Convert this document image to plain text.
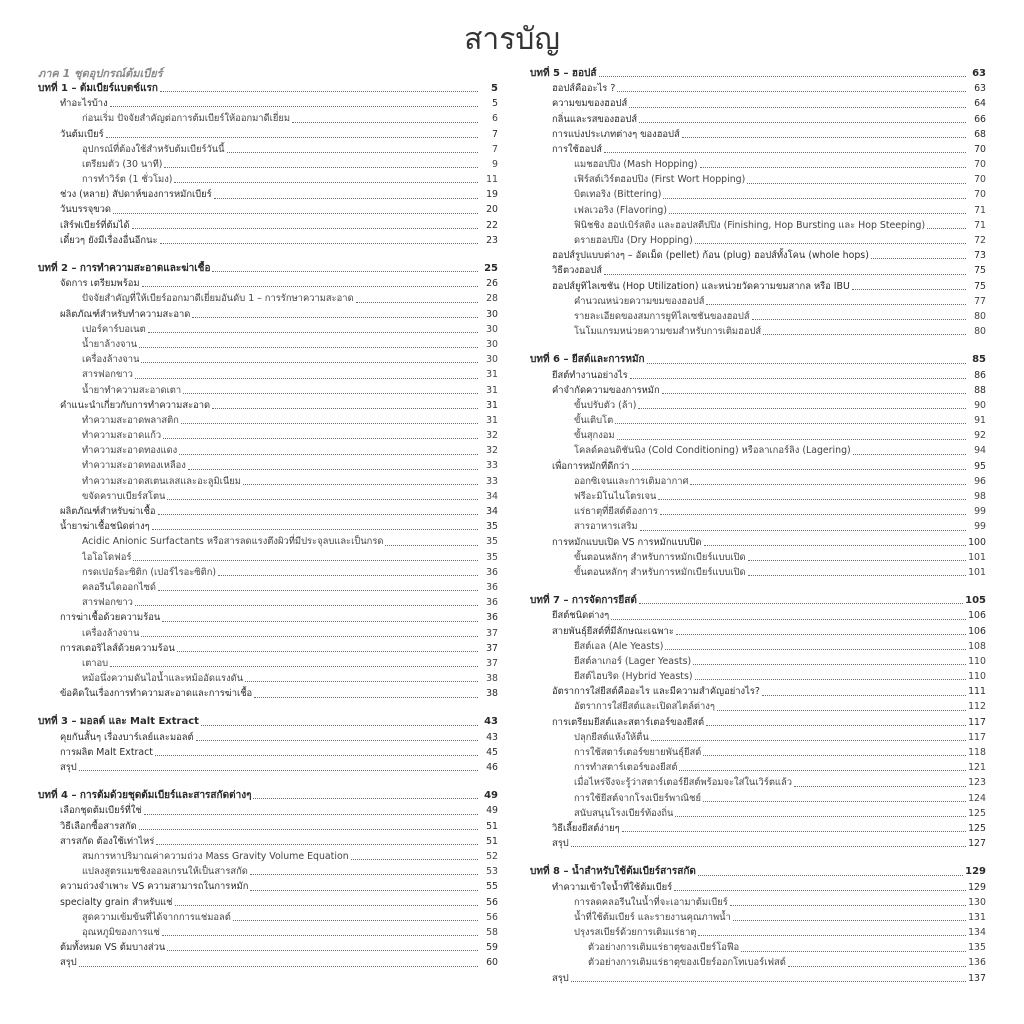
สารบัญ
ภาค 1 ชุดอุปกรณ์ต้มเบียร์
บทที่ 1 – ต้มเบียร์แบตช์แรก	5
ทำอะไรบ้าง	5
ก่อนเริ่ม ปัจจัยสำคัญต่อการต้มเบียร์ให้ออกมาดีเยี่ยม	6
วันต้มเบียร์	7
อุปกรณ์ที่ต้องใช้สำหรับต้มเบียร์วันนี้	7
เตรียมตัว (30 นาที)	9
การทำวิร์ต (1 ชั่วโมง)	11
ช่วง (หลาย) สัปดาห์ของการหมักเบียร์	19
วันบรรจุขวด	20
เสิร์ฟเบียร์ที่ต้มได้	22
เดี๋ยวๆ ยังมีเรื่องอื่นอีกนะ	23
บทที่ 2 – การทำความสะอาดและฆ่าเชื้อ	25
จัดการ เตรียมพร้อม	26
ปัจจัยสำคัญที่ให้เบียร์ออกมาดีเยี่ยมอันดับ 1 – การรักษาความสะอาด	28
ผลิตภัณฑ์สำหรับทำความสะอาด	30
เปอร์คาร์บอเนต	30
น้ำยาล้างจาน	30
เครื่องล้างจาน	30
สารฟอกขาว	31
น้ำยาทำความสะอาดเตา	31
คำแนะนำเกี่ยวกับการทำความสะอาด	31
ทำความสะอาดพลาสติก	31
ทำความสะอาดแก้ว	32
ทำความสะอาดทองแดง	32
ทำความสะอาดทองเหลือง	33
ทำความสะอาดสเตนเลสและอะลูมิเนียม	33
ขจัดคราบเบียร์สโตน	34
ผลิตภัณฑ์สำหรับฆ่าเชื้อ	34
น้ำยาฆ่าเชื้อชนิดต่างๆ	35
Acidic Anionic Surfactants หรือสารลดแรงตึงผิวที่มีประจุลบและเป็นกรด	35
ไอโอโดฟอร์	35
กรดเปอร์อะซิติก (เปอร์ไรอะซิติก)	36
คลอรีนไดออกไซด์	36
สารฟอกขาว	36
การฆ่าเชื้อด้วยความร้อน	36
เครื่องล้างจาน	37
การสเตอริไลส์ด้วยความร้อน	37
เตาอบ	37
หม้อนึ่งความดันไอน้ำและหม้ออัดแรงดัน	38
ข้อคิดในเรื่องการทำความสะอาดและการฆ่าเชื้อ	38
บทที่ 3 – มอลต์ และ Malt Extract	43
คุยกันสั้นๆ เรื่องบาร์เลย์และมอลต์	43
การผลิต Malt Extract	45
สรุป	46
บทที่ 4 – การต้มด้วยชุดต้มเบียร์และสารสกัดต่างๆ	49
เลือกชุดต้มเบียร์ที่ใช่	49
วิธีเลือกซื้อสารสกัด	51
สารสกัด ต้องใช้เท่าไหร่	51
สมการหาปริมาณค่าความถ่วง Mass Gravity Volume Equation	52
แปลงสูตรแมชชิงออลเกรนให้เป็นสารสกัด	53
ความถ่วงจำเพาะ VS ความสามารถในการหมัก	55
specialty grain สำหรับแช่	56
สูดความเข้มข้นที่ได้จากการแช่มอลต์	56
อุณหภูมิของการแช่	58
ต้มทั้งหมด VS ต้มบางส่วน	59
สรุป	60
บทที่ 5 – ฮอปส์	63
ฮอปส์คืออะไร ?	63
ความขมของฮอปส์	64
กลิ่นและรสของฮอปส์	66
การแบ่งประเภทต่างๆ ของฮอปส์	68
การใช้ฮอปส์	70
แมชฮอปปิง (Mash Hopping)	70
เฟิร์สต์เวิร์ตฮอปปิง (First Wort Hopping)	70
บิตเทอริง (Bittering)	70
เฟลเวอริง (Flavoring)	71
ฟินิชชิง ฮอปเบิร์สติง และฮอปสตีปปิง (Finishing, Hop Bursting และ Hop Steeping)	71
ดรายฮอปปิง (Dry Hopping)	72
ฮอปส์รูปแบบต่างๆ – อัดเม็ด (pellet) ก้อน (plug) ฮอปส์ทั้งโคน (whole hops)	73
วิธีตวงฮอปส์	75
ฮอปส์ยูทิไลเซชัน (Hop Utilization) และหน่วยวัดความขมสากล หรือ IBU	75
คำนวณหน่วยความขมของฮอปส์	77
รายละเอียดของสมการยูทิไลเซชันของฮอปส์	80
โนโมแกรมหน่วยความขมสำหรับการเติมฮอปส์	80
บทที่ 6 – ยีสต์และการหมัก	85
ยีสต์ทำงานอย่างไร	86
คำจำกัดความของการหมัก	88
ขั้นปรับตัว (ล้า)	90
ขั้นเติบโต	91
ขั้นสุกงอม	92
โคลด์คอนดิชันนิง (Cold Conditioning) หรือลาเกอร์ลิง (Lagering)	94
เพื่อการหมักที่ดีกว่า	95
ออกซิเจนและการเติมอากาศ	96
ฟรีอะมิโนไนโตรเจน	98
แร่ธาตุที่ยีสต์ต้องการ	99
สารอาหารเสริม	99
การหมักแบบเปิด VS การหมักแบบปิด	100
ขั้นตอนหลักๆ สำหรับการหมักเบียร์แบบเปิด	101
ขั้นตอนหลักๆ สำหรับการหมักเบียร์แบบเปิด	101
บทที่ 7 – การจัดการยีสต์	105
ยีสต์ชนิดต่างๆ	106
สายพันธุ์ยีสต์ที่มีลักษณะเฉพาะ	106
ยีสต์เอล (Ale Yeasts)	108
ยีสต์ลาเกอร์ (Lager Yeasts)	110
ยีสต์ไฮบริด (Hybrid Yeasts)	110
อัตราการใส่ยีสต์คืออะไร และมีความสำคัญอย่างไร?	111
อัตราการใส่ยีสต์และเปิดสไตล์ต่างๆ	112
การเตรียมยีสต์และสตาร์เตอร์ของยีสต์	117
ปลุกยีสต์แห้งให้ตื่น	117
การใช้สตาร์เตอร์ขยายพันธุ์ยีสต์	118
การทำสตาร์เตอร์ของยีสต์	121
เมื่อไหร่จึงจะรู้ว่าสตาร์เตอร์ยีสต์พร้อมจะใส่ในเวิร์ตแล้ว	123
การใช้ยีสต์จากโรงเบียร์พาณิชย์	124
สนับสนุนโรงเบียร์ท้องถิ่น	125
วิธีเลี้ยงยีสต์ง่ายๆ	125
สรุป	127
บทที่ 8 – น้ำสำหรับใช้ต้มเบียร์สารสกัด	129
ทำความเข้าใจน้ำที่ใช้ต้มเบียร์	129
การลดคลอรีนในน้ำที่จะเอามาต้มเบียร์	130
น้ำที่ใช้ต้มเบียร์ และรายงานคุณภาพน้ำ	131
ปรุงรสเบียร์ด้วยการเติมแร่ธาตุ	134
ตัวอย่างการเติมแร่ธาตุของเบียร์โอฟีอ	135
ตัวอย่างการเติมแร่ธาตุของเบียร์ออกโทเบอร์เฟสต์	136
สรุป	137
